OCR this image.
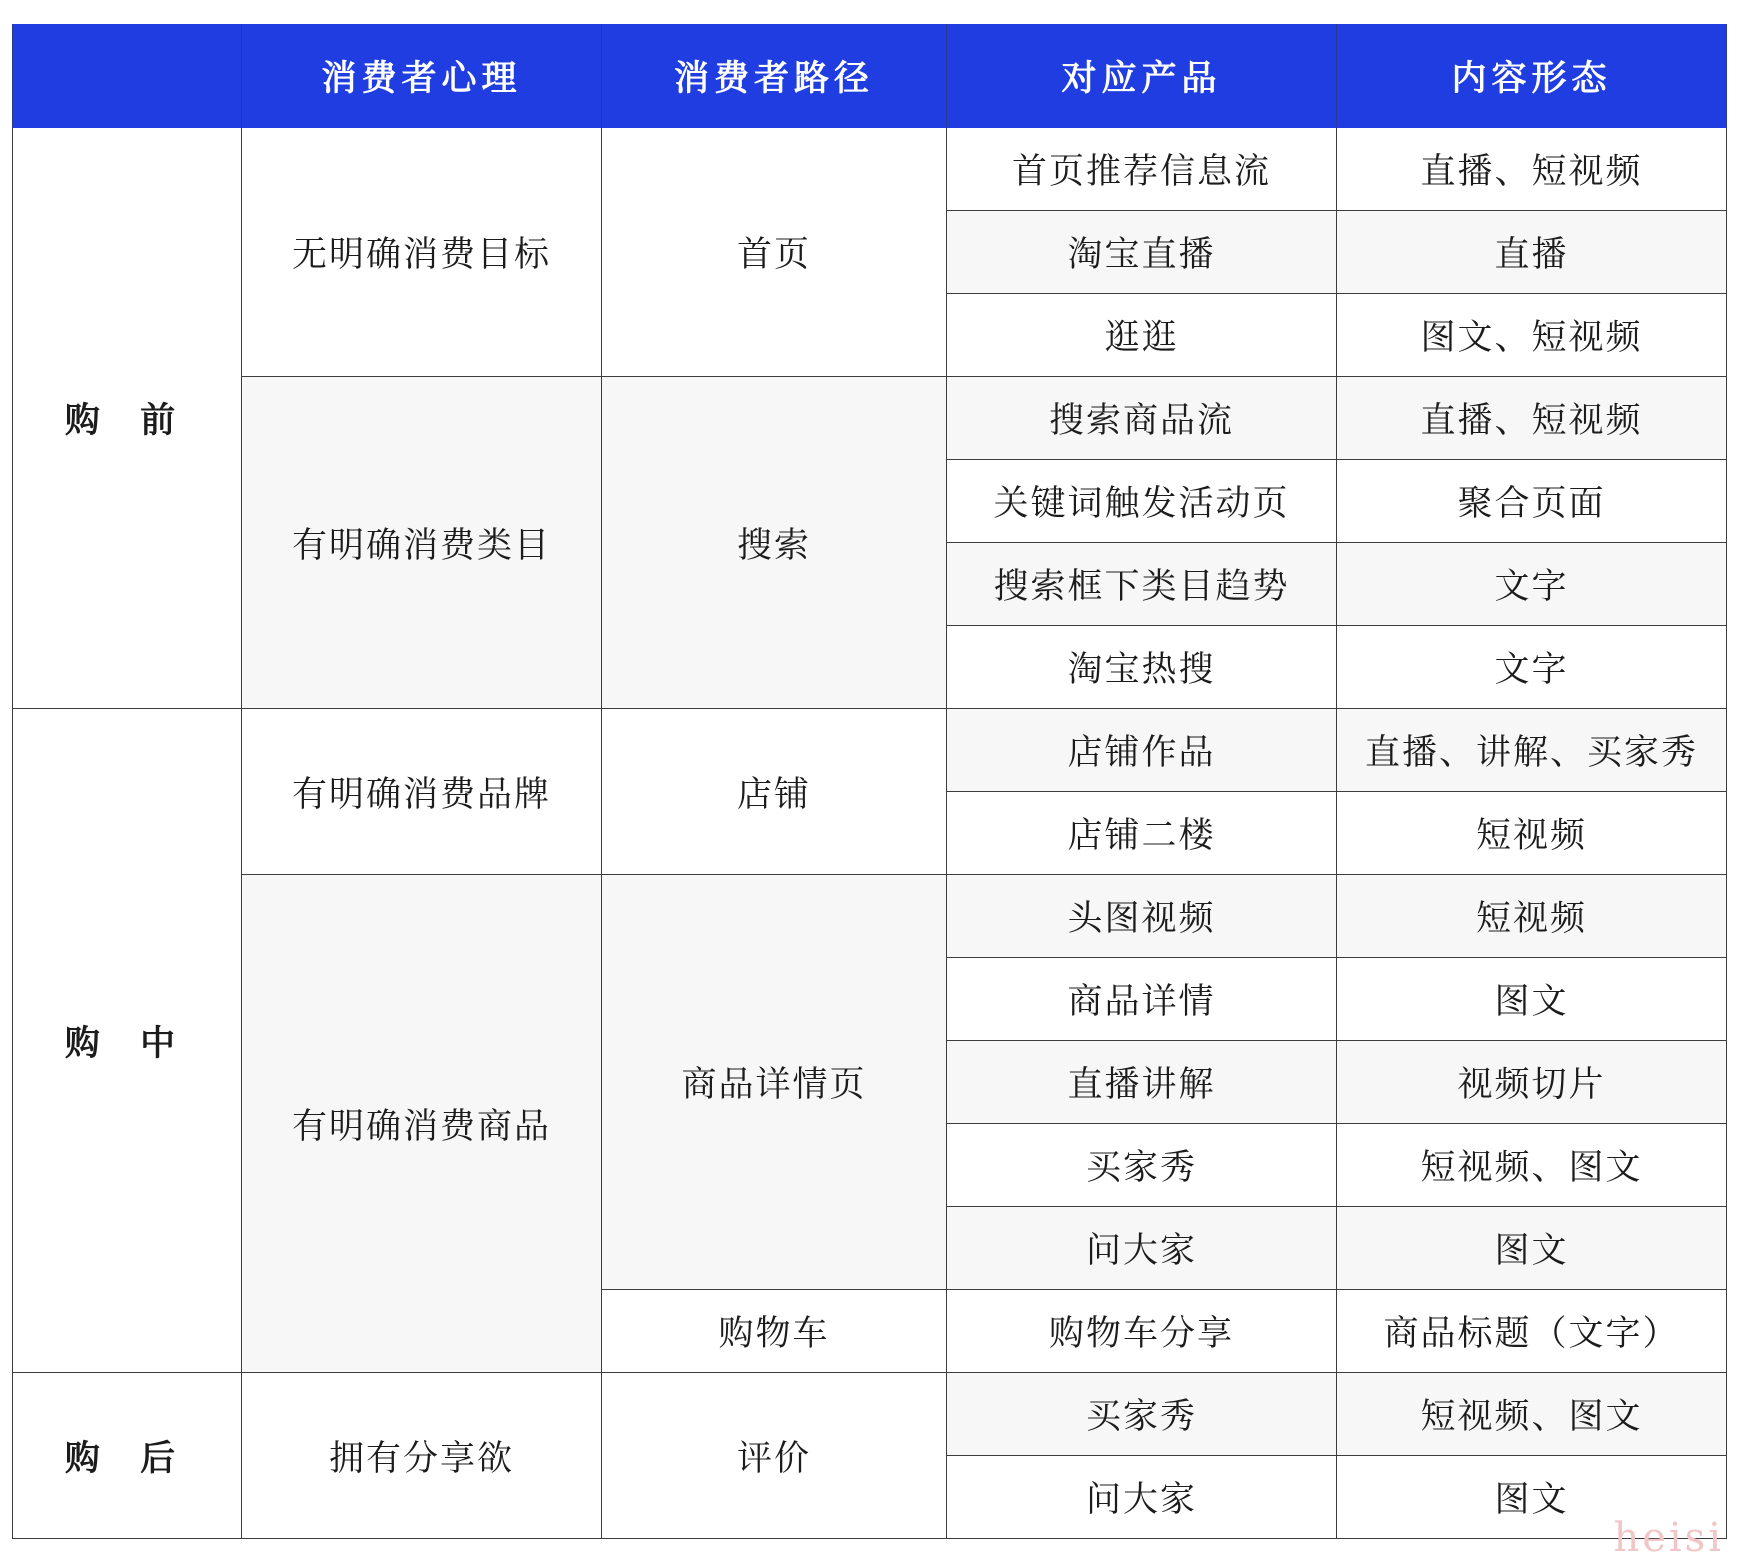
	消费者心理	消费者路径	对应产品	内容形态
购 前	无明确消费目标	首页	首页推荐信息流	直播、短视频
			淘宝直播	直播
			逛逛	图文、短视频
	有明确消费类目	搜索	搜索商品流	直播、短视频
			关键词触发活动页	聚合页面
			搜索框下类目趋势	文字
			淘宝热搜	文字
购 中	有明确消费品牌	店铺	店铺作品	直播、讲解、买家秀
			店铺二楼	短视频
	有明确消费商品	商品详情页	头图视频	短视频
			商品详情	图文
			直播讲解	视频切片
			买家秀	短视频、图文
			问大家	图文
		购物车	购物车分享	商品标题（文字）
购 后	拥有分享欲	评价	买家秀	短视频、图文
			问大家	图文
heisi
